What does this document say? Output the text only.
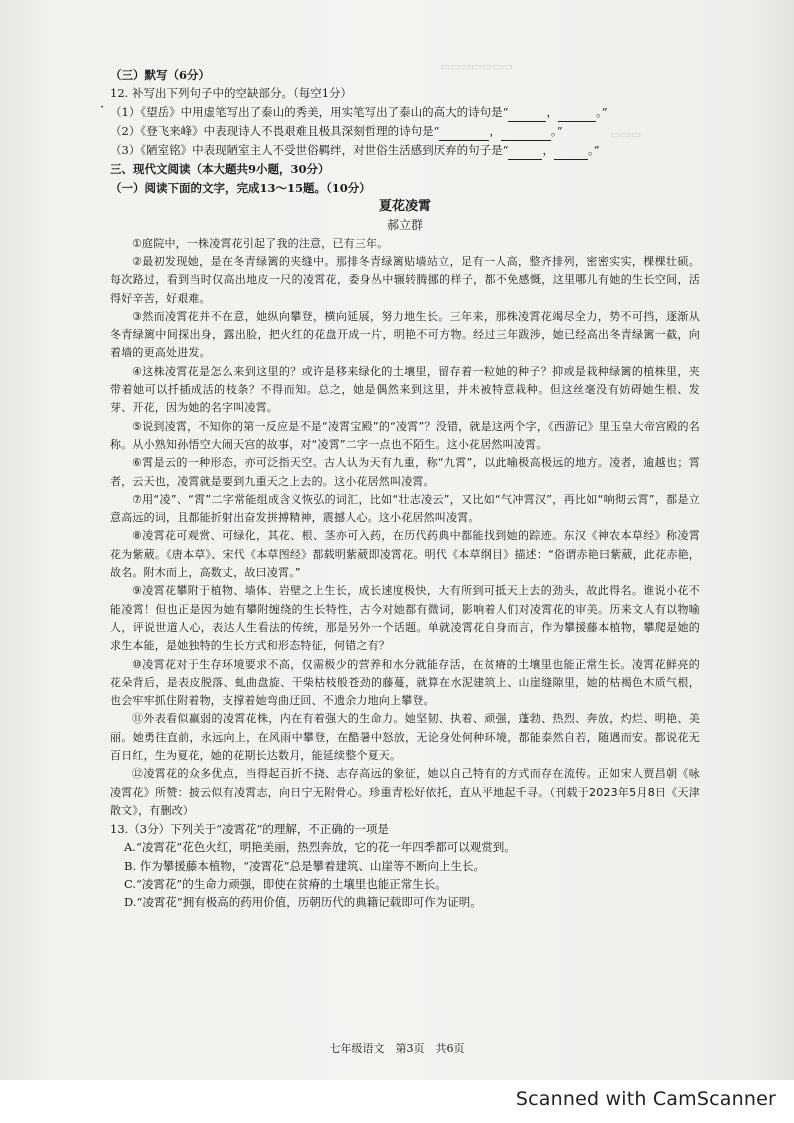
▭▭▭▭▭▭▭
▭▭▭
·
（三）默写（6分）
12. 补写出下列句子中的空缺部分。（每空1分）
（1）《望岳》中用虚笔写出了泰山的秀美，用实笔写出了泰山的高大的诗句是“	，	。”
（2）《登飞来峰》中表现诗人不畏艰难且极具深刻哲理的诗句是“	，	。”
（3）《陋室铭》中表现陋室主人不受世俗羁绊，对世俗生活感到厌弃的句子是“	，	。”
三、现代文阅读（本大题共9小题，30分）
（一）阅读下面的文字，完成13～15题。（10分）
夏花凌霄
郝立群
①庭院中，一株凌霄花引起了我的注意，已有三年。
②最初发现她，是在冬青绿篱的夹缝中。那排冬青绿篱贴墙站立，足有一人高，整齐排列，密密实实，棵棵壮硕。每次路过，看到当时仅高出地皮一尺的凌霄花，委身丛中辗转腾挪的样子，都不免感慨，这里哪儿有她的生长空间，活得好辛苦，好艰难。
③然而凌霄花并不在意，她纵向攀登，横向延展，努力地生长。三年来，那株凌霄花竭尽全力，势不可挡，逐渐从冬青绿篱中间探出身，露出脸，把火红的花盘开成一片，明艳不可方物。经过三年跋涉，她已经高出冬青绿篱一截，向着墙的更高处进发。
④这株凌霄花是怎么来到这里的？或许是移来绿化的土壤里，留存着一粒她的种子？抑或是栽种绿篱的植株里，夹带着她可以扦插成活的枝条？不得而知。总之，她是偶然来到这里，并未被特意栽种。但这丝毫没有妨碍她生根、发芽、开花，因为她的名字叫凌霄。
⑤说到凌霄，不知你的第一反应是不是“凌霄宝殿”的“凌霄”？没错，就是这两个字，《西游记》里玉皇大帝宫殿的名称。从小熟知孙悟空大闹天宫的故事，对“凌霄”二字一点也不陌生。这小花居然叫凌霄。
⑥霄是云的一种形态，亦可泛指天空。古人认为天有九重，称“九霄”，以此喻极高极远的地方。凌者，逾越也；霄者，云天也，凌霄就是要到九重天之上去的。这小花居然叫凌霄。
⑦用“凌”、“霄”二字常能组成含义恢弘的词汇，比如“壮志凌云”，又比如“气冲霄汉”，再比如“响彻云霄”，都是立意高远的词，且都能折射出奋发拼搏精神，震撼人心。这小花居然叫凌霄。
⑧凌霄花可观赏、可绿化，其花、根、茎亦可入药，在历代药典中都能找到她的踪迹。东汉《神农本草经》称凌霄花为紫葳。《唐本草》、宋代《本草图经》都载明紫葳即凌霄花。明代《本草纲目》描述：“俗谓赤艳曰紫葳，此花赤艳，故名。附木而上，高数丈，故曰凌霄。”
⑨凌霄花攀附于植物、墙体、岩壁之上生长，成长速度极快，大有所到可抵天上去的劲头，故此得名。谁说小花不能凌霄！但也正是因为她有攀附缠绕的生长特性，古今对她都有微词，影响着人们对凌霄花的审美。历来文人有以物喻人，评说世道人心，表达人生看法的传统，那是另外一个话题。单就凌霄花自身而言，作为攀援藤本植物，攀爬是她的求生本能，是她独特的生长方式和形态特征，何错之有？
⑩凌霄花对于生存环境要求不高，仅需极少的营养和水分就能存活，在贫瘠的土壤里也能正常生长。凌霄花鲜亮的花朵背后，是表皮脱落、虬曲盘旋、干柴枯枝般苍劲的藤蔓，就算在水泥建筑上、山崖缝隙里，她的枯褐色木质气根，也会牢牢抓住附着物，支撑着她弯曲迂回、不遗余力地向上攀登。
⑪外表看似羸弱的凌霄花株，内在有着强大的生命力。她坚韧、执着、顽强，蓬勃、热烈、奔放，灼烂、明艳、美丽。她勇往直前，永远向上，在风雨中攀登，在酷暑中怒放，无论身处何种环境，都能泰然自若，随遇而安。都说花无百日红，生为夏花，她的花期长达数月，能延续整个夏天。
⑫凌霄花的众多优点，当得起百折不挠、志存高远的象征，她以自己特有的方式而存在流传。正如宋人贾昌朝《咏凌霄花》所赞：披云似有凌霄志，向日宁无附骨心。珍重青松好依托，直从平地起千寻。（刊载于2023年5月8日《天津散文》，有删改）
13.（3分）下列关于“凌霄花”的理解，不正确的一项是
A.“凌霄花”花色火红，明艳美丽，热烈奔放，它的花一年四季都可以观赏到。
B. 作为攀援藤本植物，“凌霄花”总是攀着建筑、山崖等不断向上生长。
C.“凌霄花”的生命力顽强，即使在贫瘠的土壤里也能正常生长。
D.“凌霄花”拥有极高的药用价值，历朝历代的典籍记载即可作为证明。
七年级语文　第3页　共6页
Scanned with CamScanner
